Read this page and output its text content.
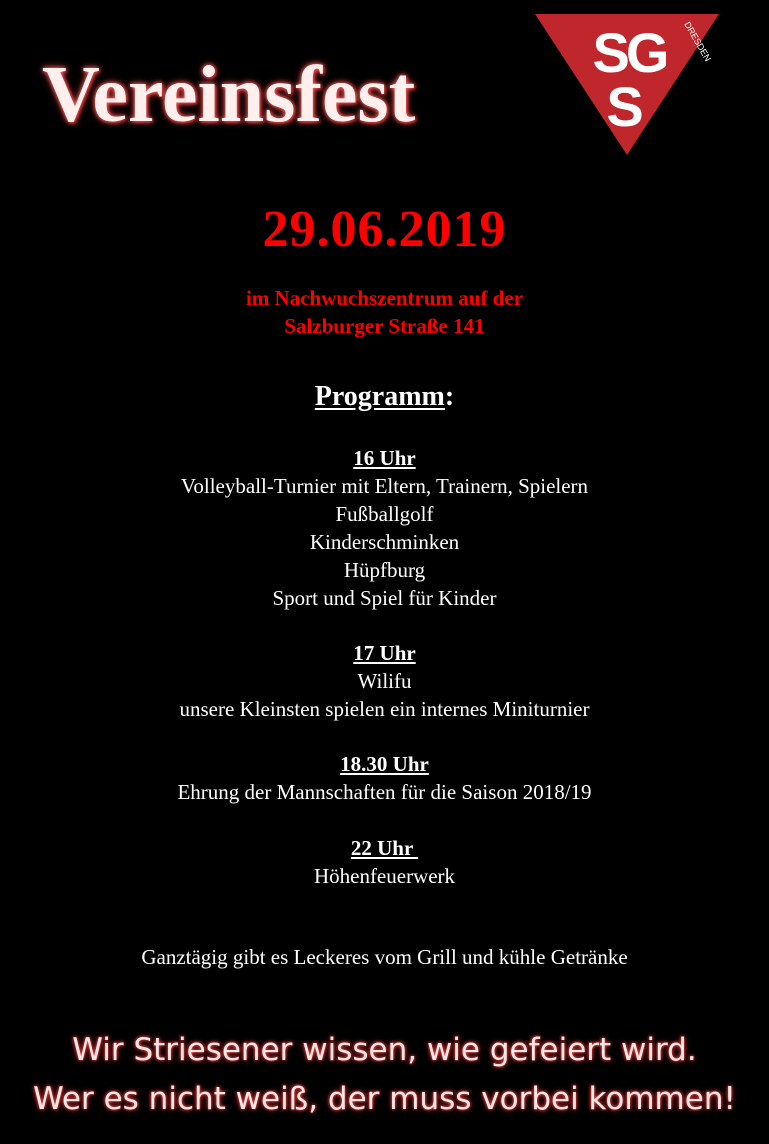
Vereinsfest	SG
S
DRESDEN
29.06.2019
im Nachwuchszentrum auf der
Salzburger Straße 141
Programm:
16 Uhr
Volleyball-Turnier mit Eltern, Trainern, Spielern
Fußballgolf
Kinderschminken
Hüpfburg
Sport und Spiel für Kinder
17 Uhr
Wilifu
unsere Kleinsten spielen ein internes Miniturnier
18.30 Uhr
Ehrung der Mannschaften für die Saison 2018/19
22 Uhr
Höhenfeuerwerk
Ganztägig gibt es Leckeres vom Grill und kühle Getränke
Wir Striesener wissen, wie gefeiert wird.
Wer es nicht weiß, der muss vorbei kommen!
